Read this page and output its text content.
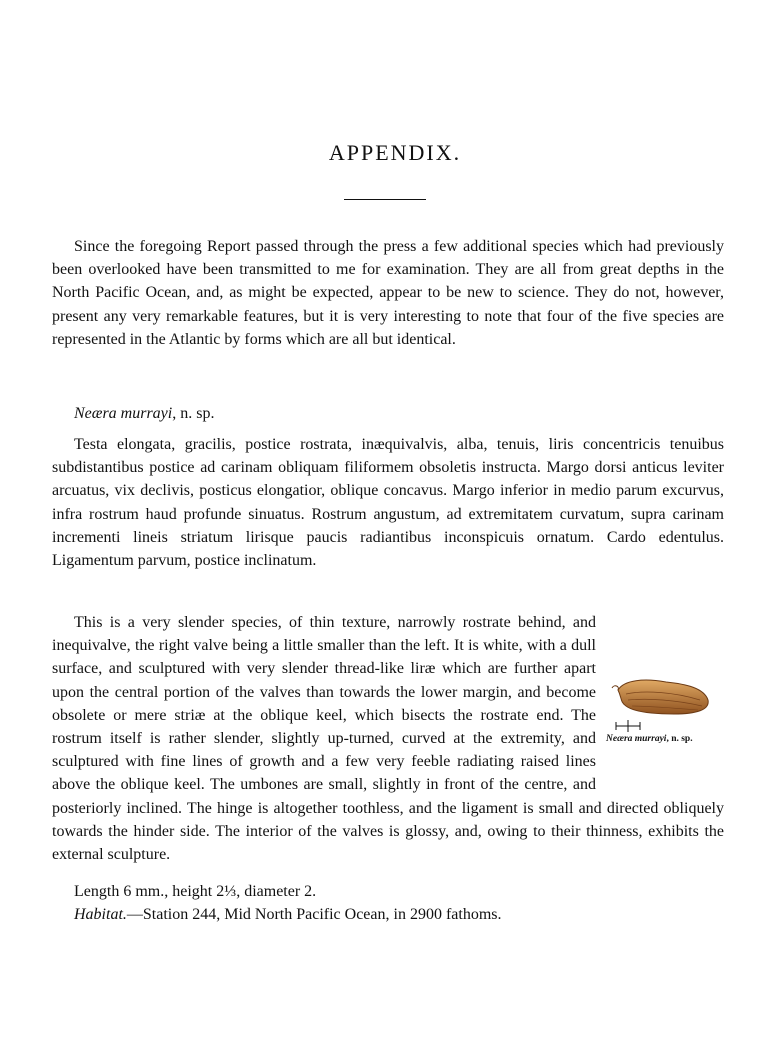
APPENDIX.

Since the foregoing Report passed through the press a few additional species which had previously been overlooked have been transmitted to me for examination. They are all from great depths in the North Pacific Ocean, and, as might be expected, appear to be new to science. They do not, however, present any very remarkable features, but it is very interesting to note that four of the five species are represented in the Atlantic by forms which are all but identical.

Neæra murrayi, n. sp.

Testa elongata, gracilis, postice rostrata, inæquivalvis, alba, tenuis, liris concentricis tenuibus subdistantibus postice ad carinam obliquam filiformem obsoletis instructa. Margo dorsi anticus leviter arcuatus, vix declivis, posticus elongatior, oblique concavus. Margo inferior in medio parum excurvus, infra rostrum haud profunde sinuatus. Rostrum angustum, ad extremitatem curvatum, supra carinam incrementi lineis striatum lirisque paucis radiantibus inconspicuis ornatum. Cardo edentulus. Ligamentum parvum, postice inclinatum.

This is a very slender species, of thin texture, narrowly rostrate behind, and inequivalve, the right valve being a little smaller than the left. It is white, with a dull surface, and sculptured with very slender thread-like liræ which are further apart upon the central portion of the valves than towards the lower margin, and become obsolete or mere striæ at the oblique keel, which bisects the rostrate end. The rostrum itself is rather slender, slightly up-turned, curved at the extremity, and sculptured with fine lines of growth and a few very feeble radiating raised lines above the oblique keel. The umbones are small, slightly in front of the centre, and posteriorly inclined. The hinge is altogether toothless, and the ligament is small and directed obliquely towards the hinder side. The interior of the valves is glossy, and, owing to their thinness, exhibits the external sculpture.
Neæra murrayi, n. sp.

Length 6 mm., height 2⅓, diameter 2.

Habitat.—Station 244, Mid North Pacific Ocean, in 2900 fathoms.
